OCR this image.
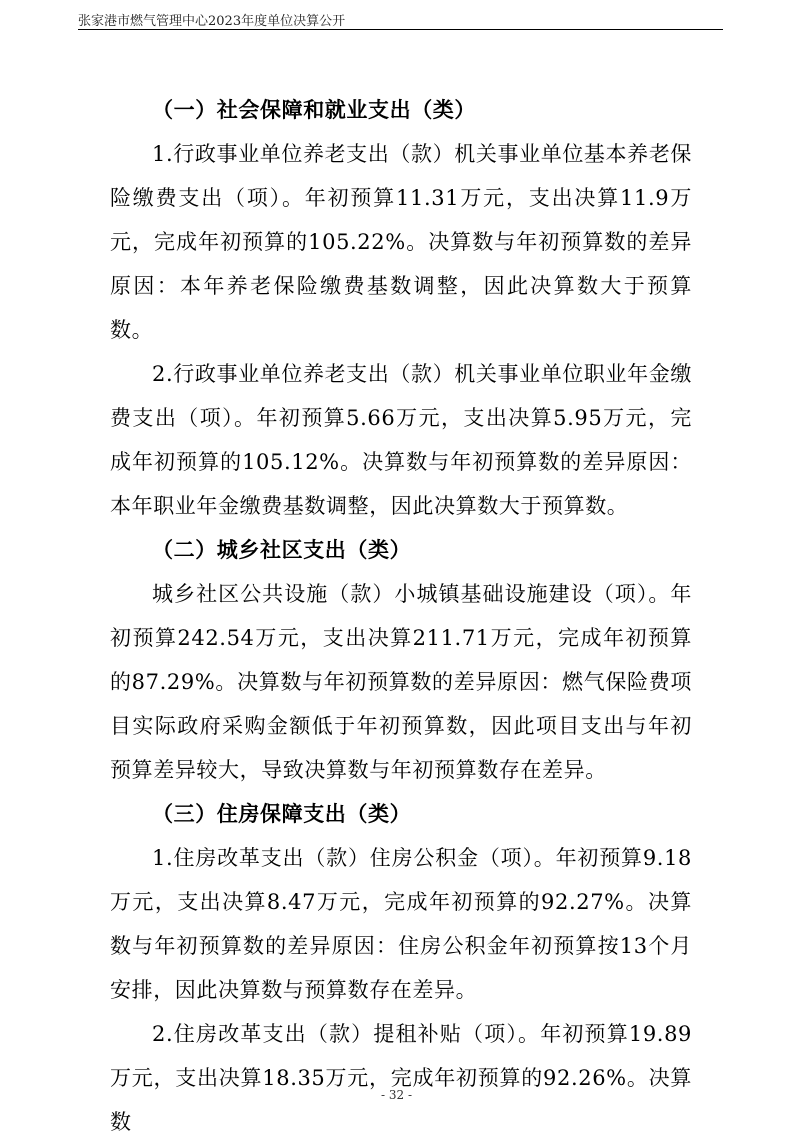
张家港市燃气管理中心2023年度单位决算公开
（一）社会保障和就业支出（类）

1.行政事业单位养老支出（款）机关事业单位基本养老保险缴费支出（项）。年初预算11.31万元，支出决算11.9万元，完成年初预算的105.22%。决算数与年初预算数的差异原因：本年养老保险缴费基数调整，因此决算数大于预算数。

2.行政事业单位养老支出（款）机关事业单位职业年金缴费支出（项）。年初预算5.66万元，支出决算5.95万元，完成年初预算的105.12%。决算数与年初预算数的差异原因：本年职业年金缴费基数调整，因此决算数大于预算数。

（二）城乡社区支出（类）

城乡社区公共设施（款）小城镇基础设施建设（项）。年初预算242.54万元，支出决算211.71万元，完成年初预算的87.29%。决算数与年初预算数的差异原因：燃气保险费项目实际政府采购金额低于年初预算数，因此项目支出与年初预算差异较大，导致决算数与年初预算数存在差异。

（三）住房保障支出（类）

1.住房改革支出（款）住房公积金（项）。年初预算9.18万元，支出决算8.47万元，完成年初预算的92.27%。决算数与年初预算数的差异原因：住房公积金年初预算按13个月安排，因此决算数与预算数存在差异。

2.住房改革支出（款）提租补贴（项）。年初预算19.89万元，支出决算18.35万元，完成年初预算的92.26%。决算数

- 32 -
